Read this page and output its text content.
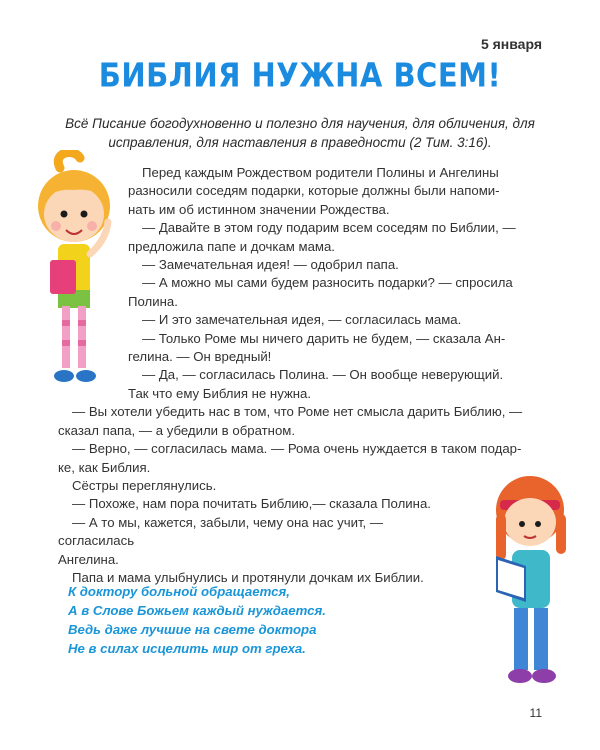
5 января
БИБЛИЯ НУЖНА ВСЕМ!
Всё Писание богодухновенно и полезно для научения, для обличения, для
исправления, для наставления в праведности (2 Тим. 3:16).

Перед каждым Рождеством родители Полины и Ангелины

разносили соседям подарки, которые должны были напоми-

нать им об истинном значении Рождества.

— Давайте в этом году подарим всем соседям по Библии, —

предложила папе и дочкам мама.

— Замечательная идея! — одобрил папа.

— А можно мы сами будем разносить подарки? — спросила

Полина.

— И это замечательная идея, — согласилась мама.

— Только Роме мы ничего дарить не будем, — сказала Ан-

гелина. — Он вредный!

— Да, — согласилась Полина. — Он вообще неверующий.

Так что ему Библия не нужна.

— Вы хотели убедить нас в том, что Роме нет смысла дарить Библию, —

сказал папа, — а убедили в обратном.

— Верно, — согласилась мама. — Рома очень нуждается в таком подар-

ке, как Библия.

Сёстры переглянулись.

— Похоже, нам пора почитать Библию,— сказала Полина.

— А то мы, кажется, забыли, чему она нас учит, — согласилась

Ангелина.

Папа и мама улыбнулись и протянули дочкам их Библии.

К доктору больной обращается,
А в Слове Божьем каждый нуждается.
Ведь даже лучшие на свете доктора
Не в силах исцелить мир от греха.
11
